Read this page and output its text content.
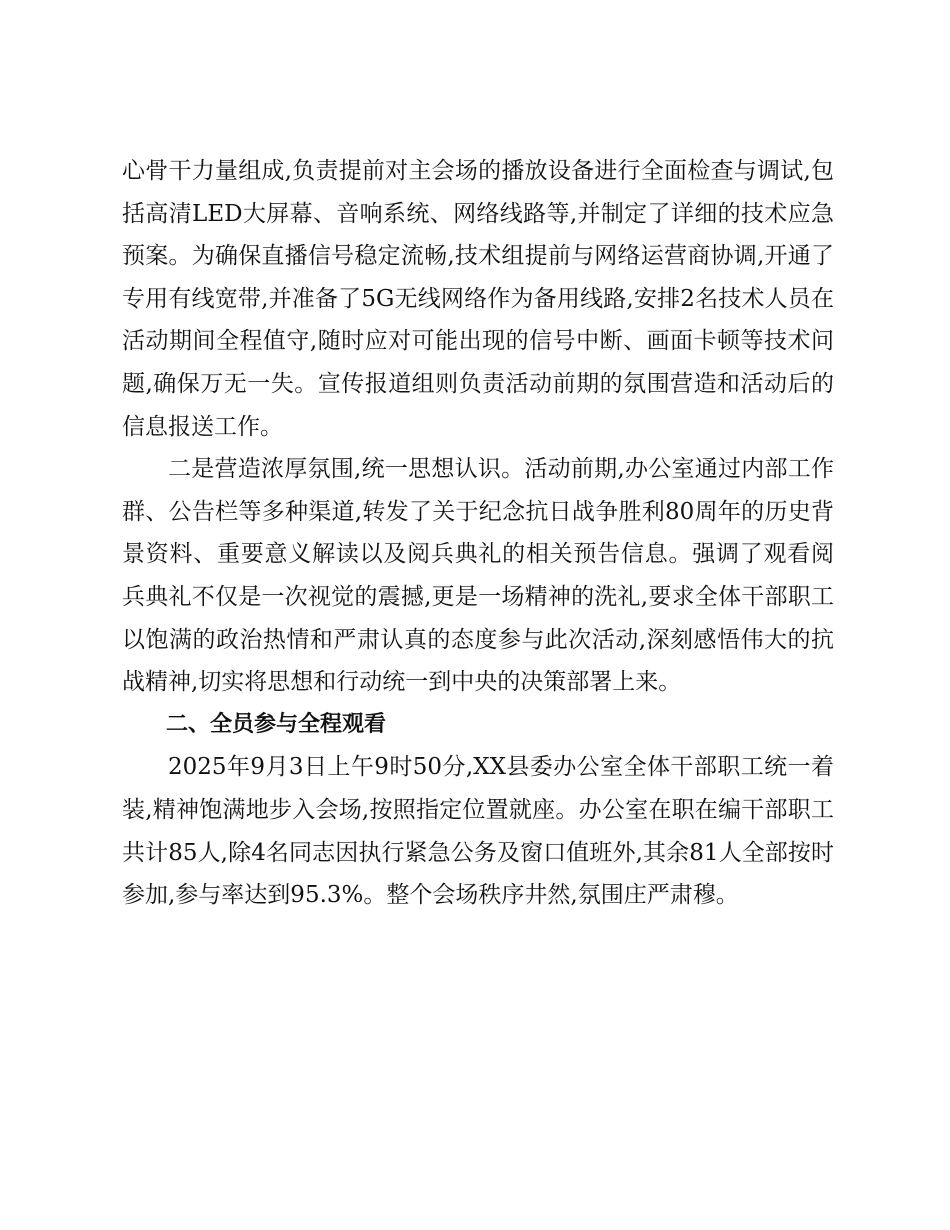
心骨干力量组成,负责提前对主会场的播放设备进行全面检查与调试,包括高清LED大屏幕、音响系统、网络线路等,并制定了详细的技术应急预案。为确保直播信号稳定流畅,技术组提前与网络运营商协调,开通了专用有线宽带,并准备了5G无线网络作为备用线路,安排2名技术人员在活动期间全程值守,随时应对可能出现的信号中断、画面卡顿等技术问题,确保万无一失。宣传报道组则负责活动前期的氛围营造和活动后的信息报送工作。

二是营造浓厚氛围,统一思想认识。活动前期,办公室通过内部工作群、公告栏等多种渠道,转发了关于纪念抗日战争胜利80周年的历史背景资料、重要意义解读以及阅兵典礼的相关预告信息。强调了观看阅兵典礼不仅是一次视觉的震撼,更是一场精神的洗礼,要求全体干部职工以饱满的政治热情和严肃认真的态度参与此次活动,深刻感悟伟大的抗战精神,切实将思想和行动统一到中央的决策部署上来。

二、全员参与全程观看

2025年9月3日上午9时50分,XX县委办公室全体干部职工统一着装,精神饱满地步入会场,按照指定位置就座。办公室在职在编干部职工共计85人,除4名同志因执行紧急公务及窗口值班外,其余81人全部按时参加,参与率达到95.3%。整个会场秩序井然,氛围庄严肃穆。
